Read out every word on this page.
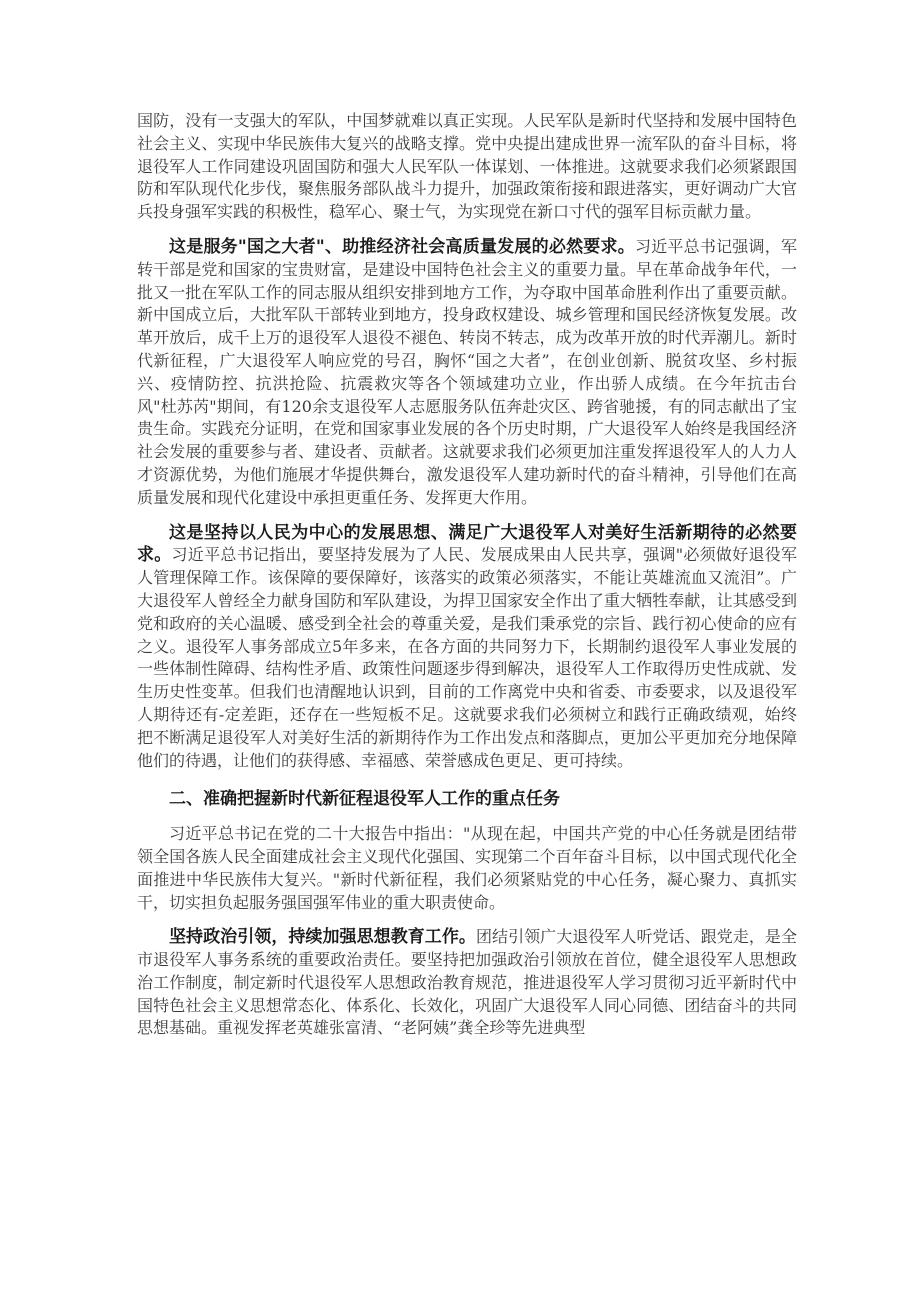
国防，没有一支强大的军队，中国梦就难以真正实现。人民军队是新时代坚持和发展中国特色社会主义、实现中华民族伟大复兴的战略支撑。党中央提出建成世界一流军队的奋斗目标，将退役军人工作同建设巩固国防和强大人民军队一体谋划、一体推进。这就要求我们必须紧跟国防和军队现代化步伐，聚焦服务部队战斗力提升，加强政策衔接和跟进落实，更好调动广大官兵投身强军实践的积极性，稳军心、聚士气，为实现党在新口寸代的强军目标贡献力量。

这是服务"国之大者"、助推经济社会高质量发展的必然要求。习近平总书记强调，军转干部是党和国家的宝贵财富，是建设中国特色社会主义的重要力量。早在革命战争年代，一批又一批在军队工作的同志服从组织安排到地方工作，为夺取中国革命胜利作出了重要贡献。新中国成立后，大批军队干部转业到地方，投身政权建设、城乡管理和国民经济恢复发展。改革开放后，成千上万的退役军人退役不褪色、转岗不转志，成为改革开放的时代弄潮儿。新时代新征程，广大退役军人响应党的号召，胸怀“国之大者”，在创业创新、脱贫攻坚、乡村振兴、疫情防控、抗洪抢险、抗震救灾等各个领域建功立业，作出骄人成绩。在今年抗击台风"杜苏芮"期间，有120余支退役军人志愿服务队伍奔赴灾区、跨省驰援，有的同志献出了宝贵生命。实践充分证明，在党和国家事业发展的各个历史时期，广大退役军人始终是我国经济社会发展的重要参与者、建设者、贡献者。这就要求我们必须更加注重发挥退役军人的人力人才资源优势，为他们施展才华提供舞台，激发退役军人建功新时代的奋斗精神，引导他们在高质量发展和现代化建设中承担更重任务、发挥更大作用。

这是坚持以人民为中心的发展思想、满足广大退役军人对美好生活新期待的必然要求。习近平总书记指出，要坚持发展为了人民、发展成果由人民共享，强调"必须做好退役军人管理保障工作。该保障的要保障好，该落实的政策必须落实，不能让英雄流血又流泪”。广大退役军人曾经全力献身国防和军队建设，为捍卫国家安全作出了重大牺牲奉献，让其感受到党和政府的关心温暖、感受到全社会的尊重关爱，是我们秉承党的宗旨、践行初心使命的应有之义。退役军人事务部成立5年多来，在各方面的共同努力下，长期制约退役军人事业发展的一些体制性障碍、结构性矛盾、政策性问题逐步得到解决，退役军人工作取得历史性成就、发生历史性变革。但我们也清醒地认识到，目前的工作离党中央和省委、市委要求，以及退役军人期待还有-定差距，还存在一些短板不足。这就要求我们必须树立和践行正确政绩观，始终把不断满足退役军人对美好生活的新期待作为工作出发点和落脚点，更加公平更加充分地保障他们的待遇，让他们的获得感、幸福感、荣誉感成色更足、更可持续。

二、准确把握新时代新征程退役军人工作的重点任务

习近平总书记在党的二十大报告中指出："从现在起，中国共产党的中心任务就是团结带领全国各族人民全面建成社会主义现代化强国、实现第二个百年奋斗目标，以中国式现代化全面推进中华民族伟大复兴。"新时代新征程，我们必须紧贴党的中心任务，凝心聚力、真抓实干，切实担负起服务强国强军伟业的重大职责使命。

坚持政治引领，持续加强思想教育工作。团结引领广大退役军人听党话、跟党走，是全市退役军人事务系统的重要政治责任。要坚持把加强政治引领放在首位，健全退役军人思想政治工作制度，制定新时代退役军人思想政治教育规范，推进退役军人学习贯彻习近平新时代中国特色社会主义思想常态化、体系化、长效化，巩固广大退役军人同心同德、团结奋斗的共同思想基础。重视发挥老英雄张富清、“老阿姨”龚全珍等先进典型
